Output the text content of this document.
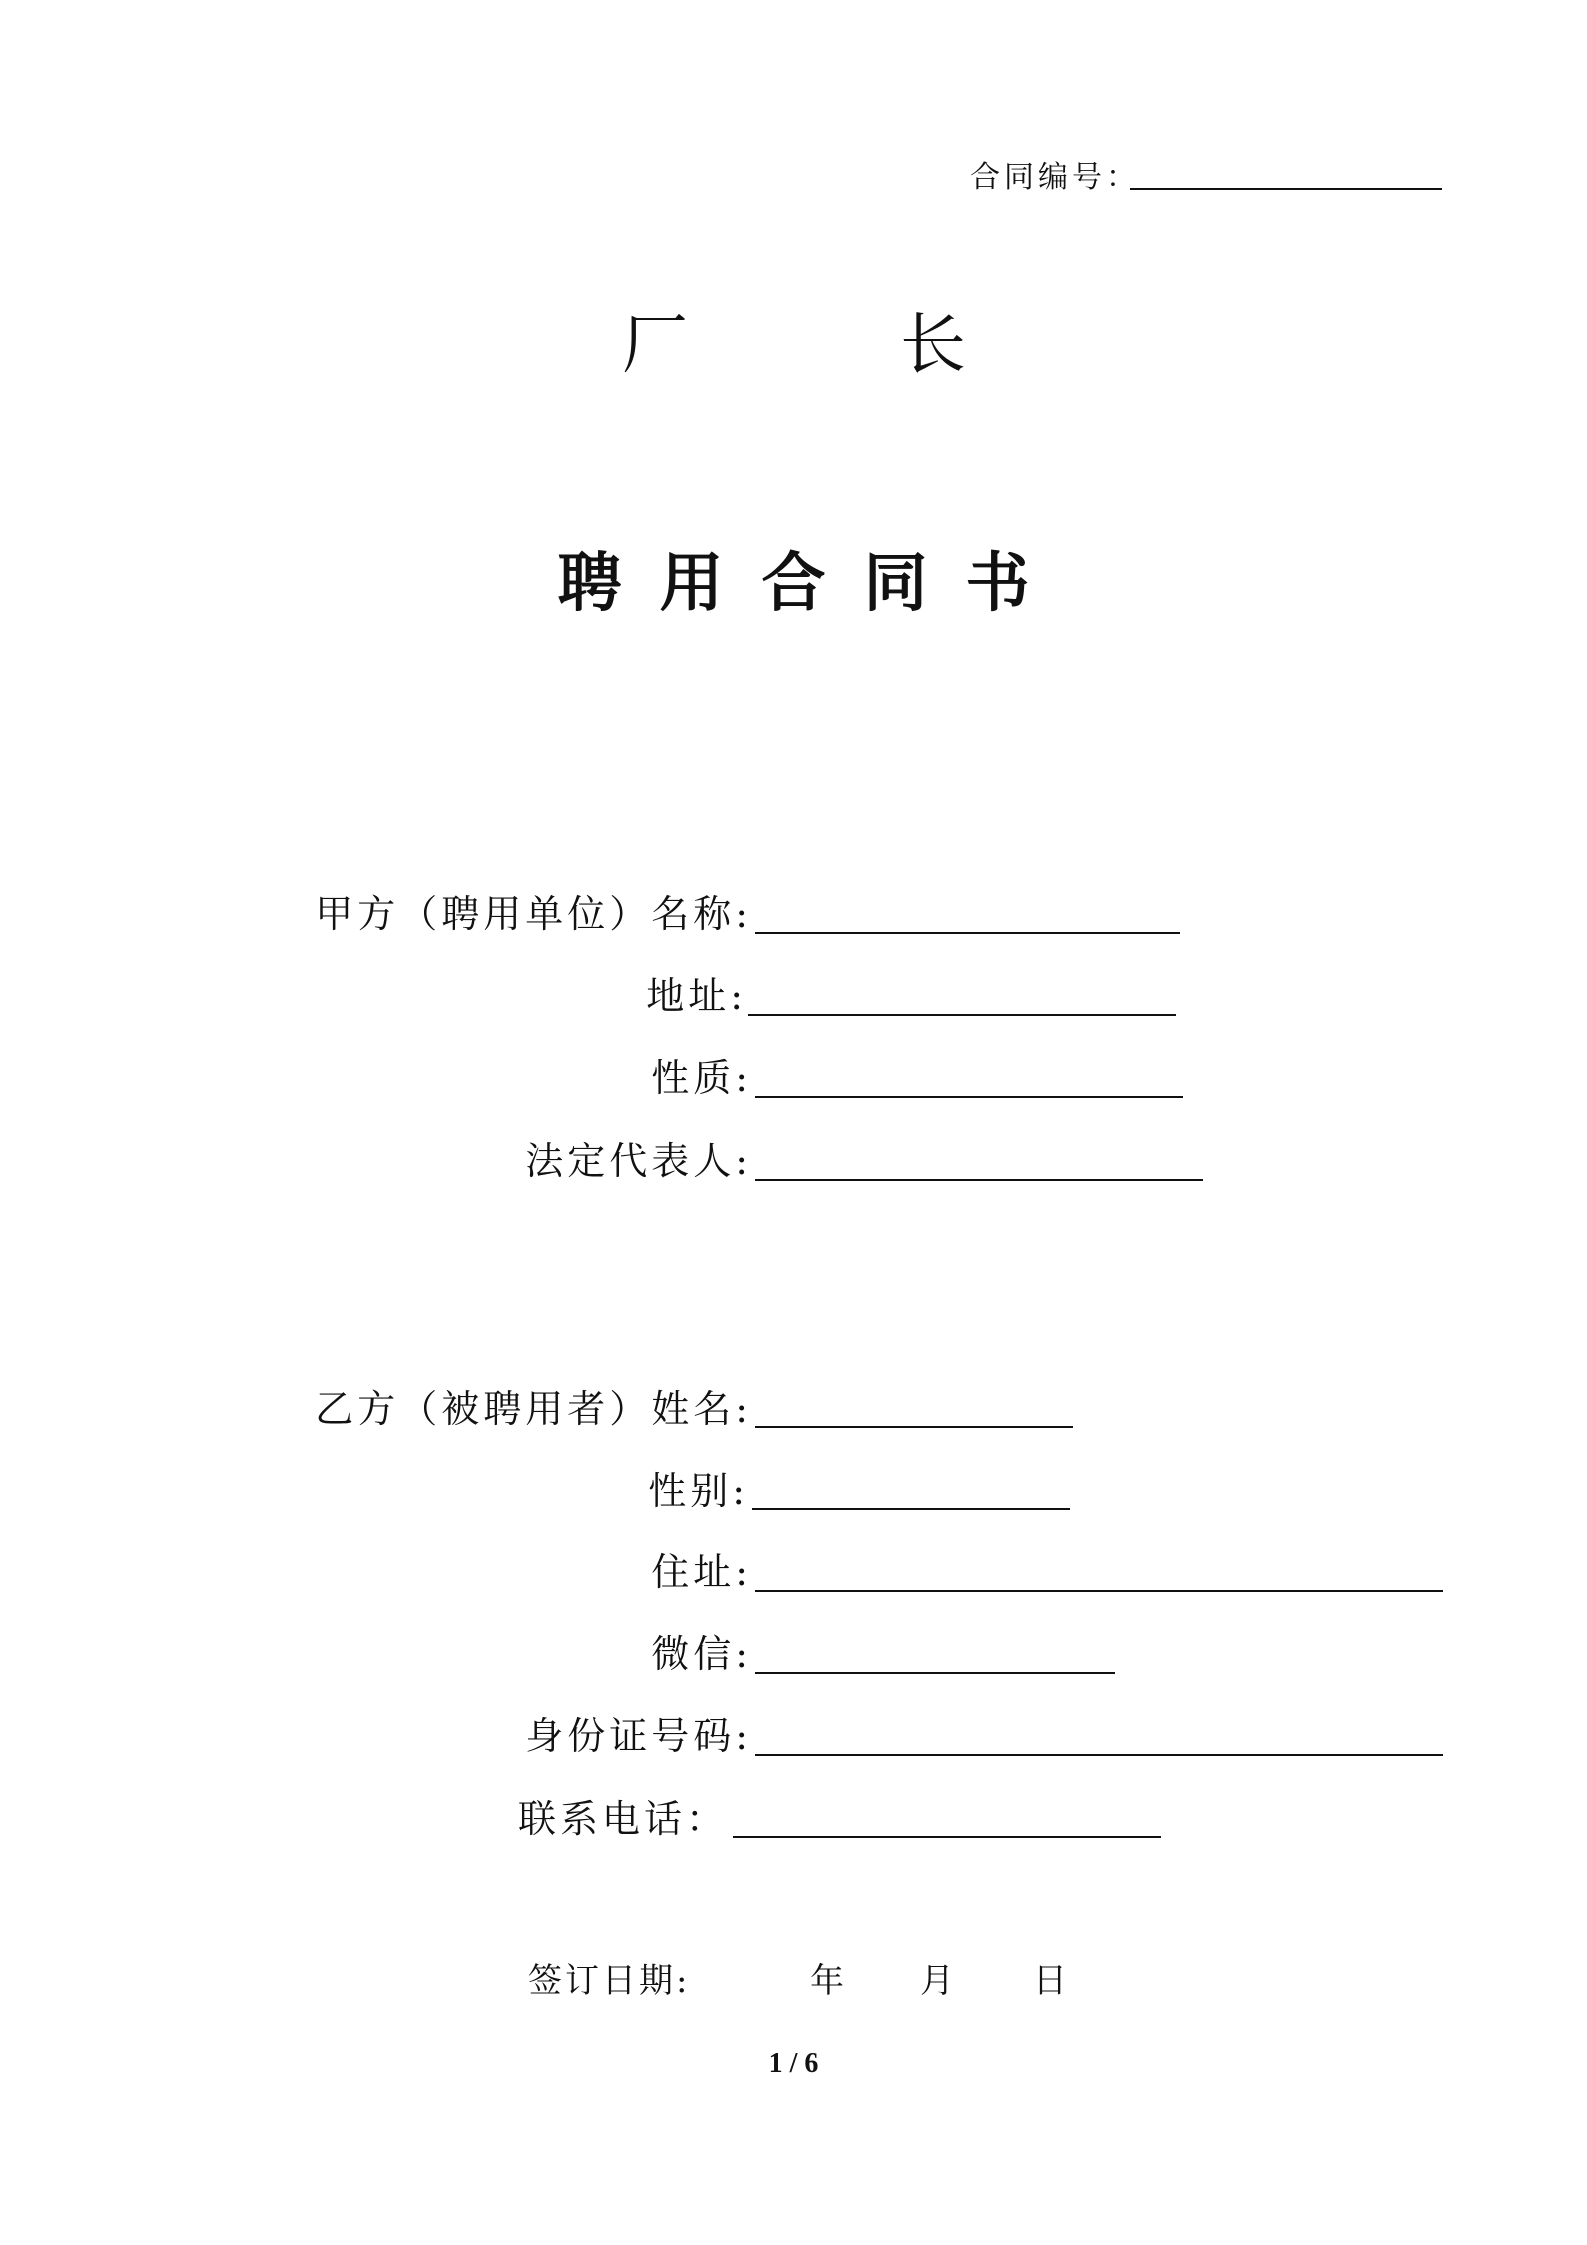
合同编号：
厂	长
聘用合同书
甲方（聘用单位）名称:
地址:
性质:
法定代表人:
乙方（被聘用者）姓名:
性别:
住址:
微信:
身份证号码:
联系电话：
签订日期:	年 月 日
1 / 6
